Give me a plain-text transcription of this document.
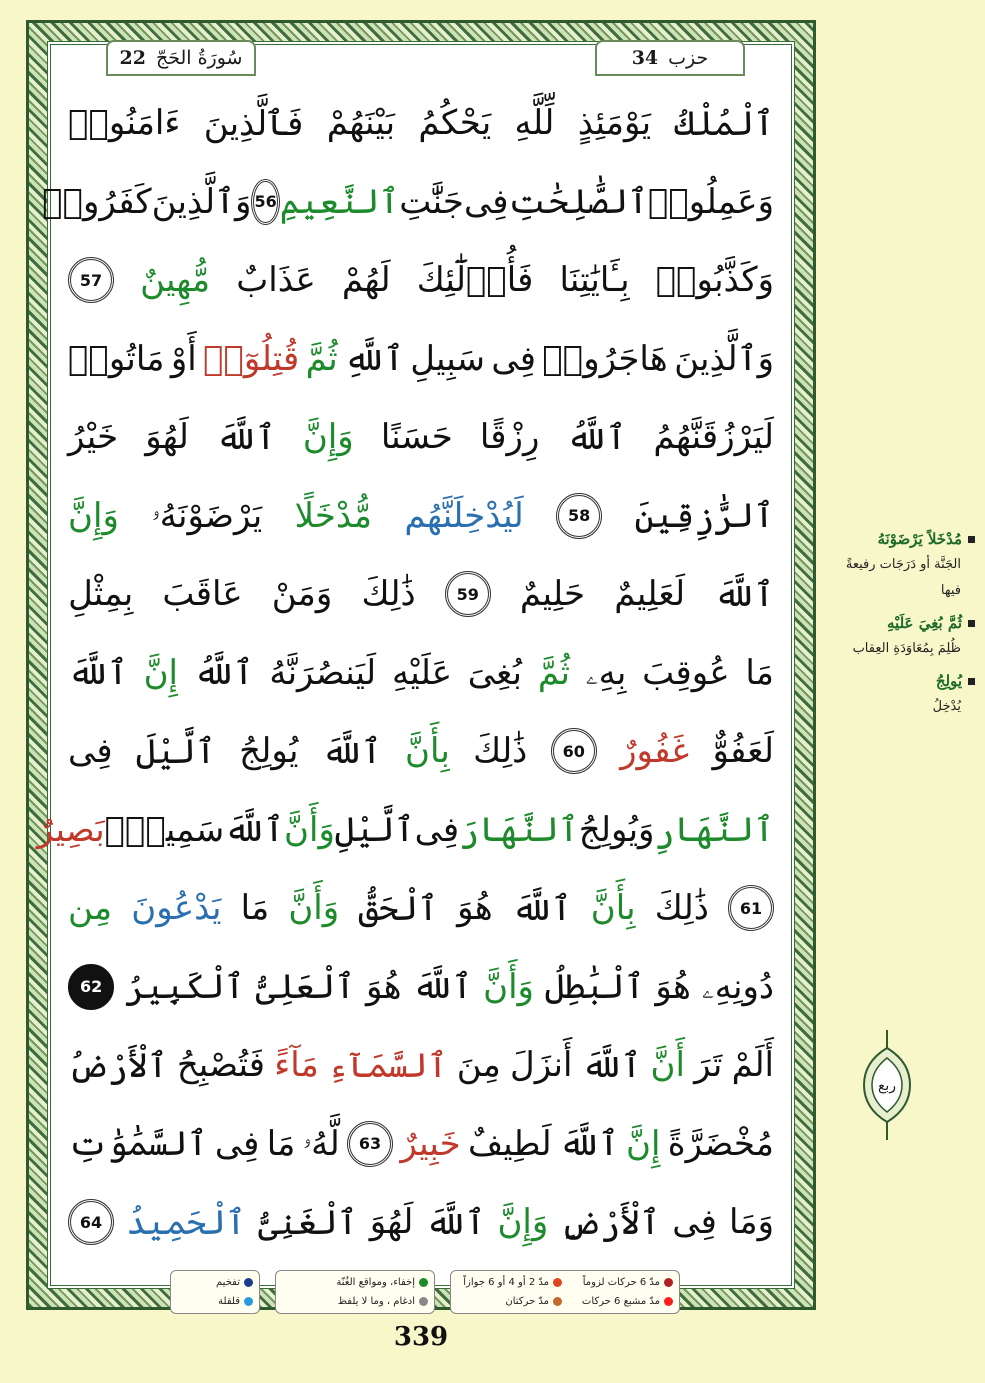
22 سُورَةُ الحَجّ	34 حزب
ٱلْمُلْكُ
يَوْمَئِذٍ
لِّلَّهِ
يَحْكُمُ
بَيْنَهُمْ
فَٱلَّذِينَ
ءَامَنُوا۟
وَعَمِلُوا۟
ٱلصَّٰلِحَٰتِ
فِى
جَنَّٰتِ
ٱلنَّعِيمِ
56
وَٱلَّذِينَ
كَفَرُوا۟
وَكَذَّبُوا۟
بِـَٔايَٰتِنَا
فَأُو۟لَٰٓئِكَ
لَهُمْ
عَذَابٌ
مُّهِينٌ
57
وَٱلَّذِينَ
هَاجَرُوا۟
فِى
سَبِيلِ
ٱللَّهِ
ثُمَّ
قُتِلُوٓا۟
أَوْ
مَاتُوا۟
لَيَرْزُقَنَّهُمُ
ٱللَّهُ
رِزْقًا
حَسَنًا
وَإِنَّ
ٱللَّهَ
لَهُوَ
خَيْرُ
ٱلرَّٰزِقِينَ
58
لَيُدْخِلَنَّهُم
مُّدْخَلًا
يَرْضَوْنَهُۥ
وَإِنَّ
ٱللَّهَ
لَعَلِيمٌ
حَلِيمٌ
59
ذَٰلِكَ
وَمَنْ
عَاقَبَ
بِمِثْلِ
مَا
عُوقِبَ
بِهِۦ
ثُمَّ
بُغِىَ
عَلَيْهِ
لَيَنصُرَنَّهُ
ٱللَّهُ
إِنَّ
ٱللَّهَ
لَعَفُوٌّ
غَفُورٌ
60
ذَٰلِكَ
بِأَنَّ
ٱللَّهَ
يُولِجُ
ٱلَّيْلَ
فِى
ٱلنَّهَارِ
وَيُولِجُ
ٱلنَّهَارَ
فِى
ٱلَّيْلِ
وَأَنَّ
ٱللَّهَ
سَمِيعٌۢ
بَصِيرٌ
61
ذَٰلِكَ
بِأَنَّ
ٱللَّهَ
هُوَ
ٱلْحَقُّ
وَأَنَّ
مَا
يَدْعُونَ
مِن
دُونِهِۦ
هُوَ
ٱلْبَٰطِلُ
وَأَنَّ
ٱللَّهَ
هُوَ
ٱلْعَلِىُّ
ٱلْكَبِيرُ
62
أَلَمْ
تَرَ
أَنَّ
ٱللَّهَ
أَنزَلَ
مِنَ
ٱلسَّمَآءِ
مَآءً
فَتُصْبِحُ
ٱلْأَرْضُ
مُخْضَرَّةً
إِنَّ
ٱللَّهَ
لَطِيفٌ
خَبِيرٌ
63
لَّهُۥ
مَا
فِى
ٱلسَّمَٰوَٰتِ
وَمَا
فِى
ٱلْأَرْضِ
وَإِنَّ
ٱللَّهَ
لَهُوَ
ٱلْغَنِىُّ
ٱلْحَمِيدُ
64
مُدْخَلاً يَرْضَوْنَهُ
الجَنَّة أو دَرَجَات رفيعةً فيها
ثُمَّ بُغِيَ عَلَيْهِ
ظُلِمَ بِمُعَاوَدَةِ العِقاب
يُولِجُ
يُدْخِلُ
ربع
مدّ 6 حركات لزوماً
مدّ 2 أو 4 أو 6 جوازاً
مدّ مشبع 6 حركات
مدّ حركتان
إخفاء، ومواقع الغُنّة
ادغام ، وما لا يلفظ
تفخيم
قلقلة
339
